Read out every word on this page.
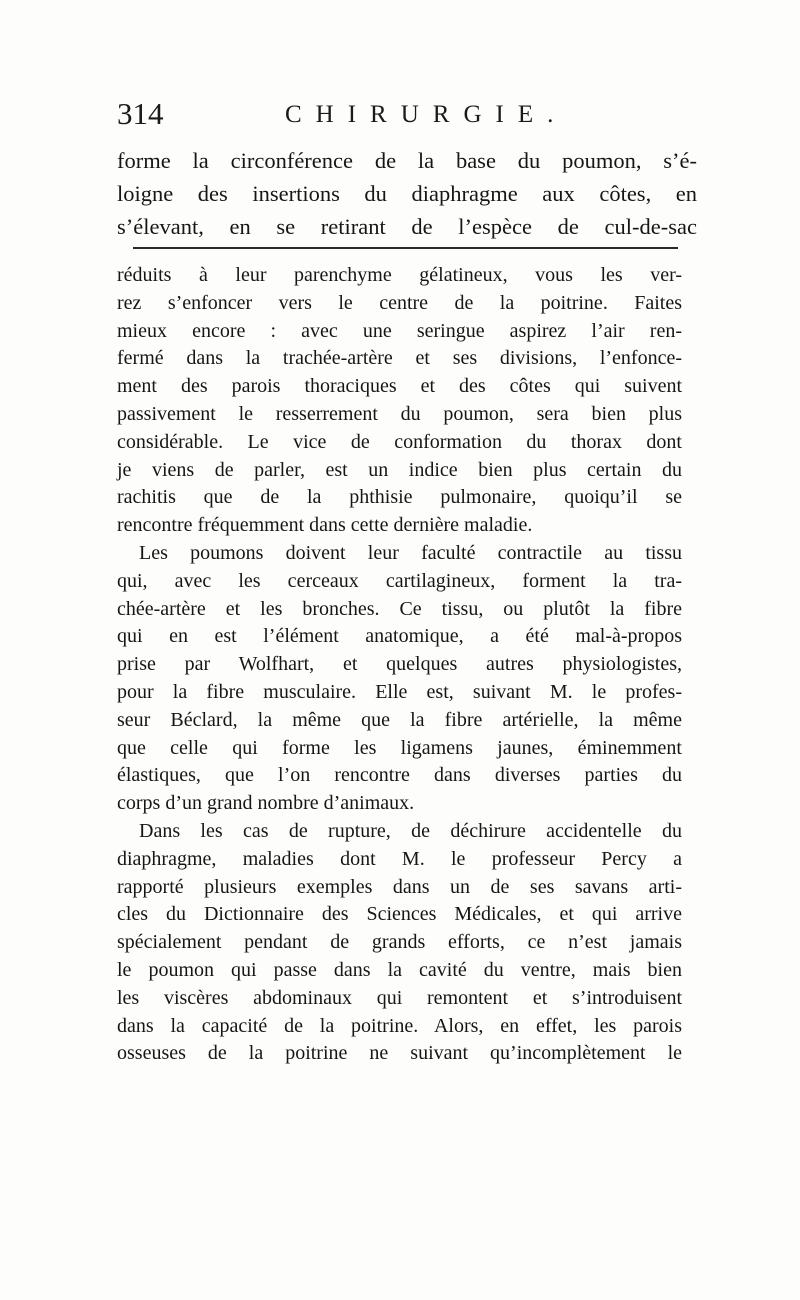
314	CHIRURGIE.
forme la circonférence de la base du poumon, s’é-
loigne des insertions du diaphragme aux côtes, en
s’élevant, en se retirant de l’espèce de cul-de-sac
réduits à leur parenchyme gélatineux, vous les ver-
rez s’enfoncer vers le centre de la poitrine. Faites
mieux encore : avec une seringue aspirez l’air ren-
fermé dans la trachée-artère et ses divisions, l’enfonce-
ment des parois thoraciques et des côtes qui suivent
passivement le resserrement du poumon, sera bien plus
considérable. Le vice de conformation du thorax dont
je viens de parler, est un indice bien plus certain du
rachitis que de la phthisie pulmonaire, quoiqu’il se
rencontre fréquemment dans cette dernière maladie.
Les poumons doivent leur faculté contractile au tissu
qui, avec les cerceaux cartilagineux, forment la tra-
chée-artère et les bronches. Ce tissu, ou plutôt la fibre
qui en est l’élément anatomique, a été mal-à-propos
prise par Wolfhart, et quelques autres physiologistes,
pour la fibre musculaire. Elle est, suivant M. le profes-
seur Béclard, la même que la fibre artérielle, la même
que celle qui forme les ligamens jaunes, éminemment
élastiques, que l’on rencontre dans diverses parties du
corps d’un grand nombre d’animaux.
Dans les cas de rupture, de déchirure accidentelle du
diaphragme, maladies dont M. le professeur Percy a
rapporté plusieurs exemples dans un de ses savans arti-
cles du Dictionnaire des Sciences Médicales, et qui arrive
spécialement pendant de grands efforts, ce n’est jamais
le poumon qui passe dans la cavité du ventre, mais bien
les viscères abdominaux qui remontent et s’introduisent
dans la capacité de la poitrine. Alors, en effet, les parois
osseuses de la poitrine ne suivant qu’incomplètement le
